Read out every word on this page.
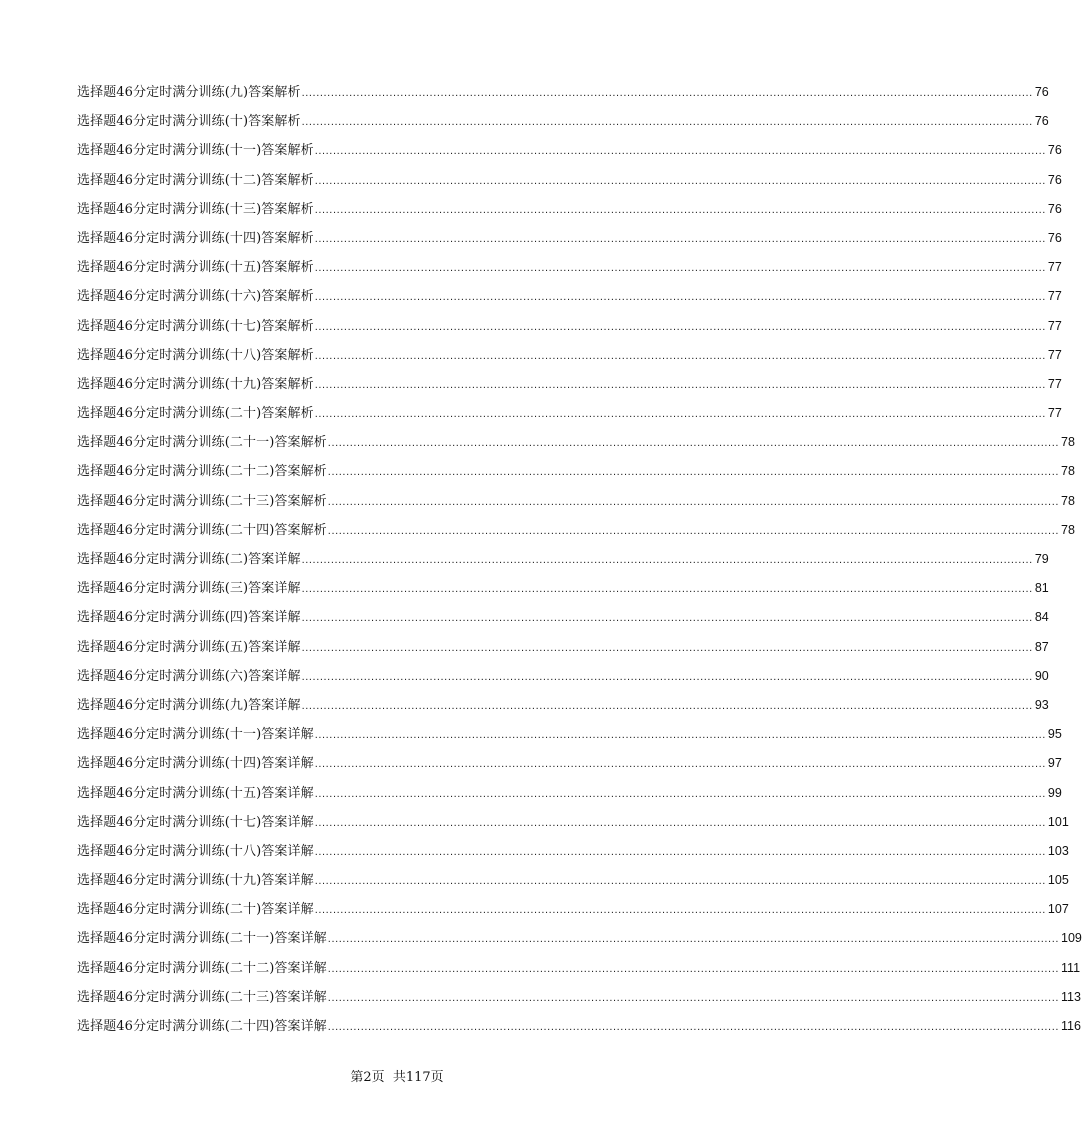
选择题46分定时满分训练(九)答案解析 ........................................................................................................................................................................................................ 76
选择题46分定时满分训练(十)答案解析 ........................................................................................................................................................................................................ 76
选择题46分定时满分训练(十一)答案解析 ........................................................................................................................................................................................................ 76
选择题46分定时满分训练(十二)答案解析 ........................................................................................................................................................................................................ 76
选择题46分定时满分训练(十三)答案解析 ........................................................................................................................................................................................................ 76
选择题46分定时满分训练(十四)答案解析 ........................................................................................................................................................................................................ 76
选择题46分定时满分训练(十五)答案解析 ........................................................................................................................................................................................................ 77
选择题46分定时满分训练(十六)答案解析 ........................................................................................................................................................................................................ 77
选择题46分定时满分训练(十七)答案解析 ........................................................................................................................................................................................................ 77
选择题46分定时满分训练(十八)答案解析 ........................................................................................................................................................................................................ 77
选择题46分定时满分训练(十九)答案解析 ........................................................................................................................................................................................................ 77
选择题46分定时满分训练(二十)答案解析 ........................................................................................................................................................................................................ 77
选择题46分定时满分训练(二十一)答案解析 ........................................................................................................................................................................................................ 78
选择题46分定时满分训练(二十二)答案解析 ........................................................................................................................................................................................................ 78
选择题46分定时满分训练(二十三)答案解析 ........................................................................................................................................................................................................ 78
选择题46分定时满分训练(二十四)答案解析 ........................................................................................................................................................................................................ 78
选择题46分定时满分训练(二)答案详解 ........................................................................................................................................................................................................ 79
选择题46分定时满分训练(三)答案详解 ........................................................................................................................................................................................................ 81
选择题46分定时满分训练(四)答案详解 ........................................................................................................................................................................................................ 84
选择题46分定时满分训练(五)答案详解 ........................................................................................................................................................................................................ 87
选择题46分定时满分训练(六)答案详解 ........................................................................................................................................................................................................ 90
选择题46分定时满分训练(九)答案详解 ........................................................................................................................................................................................................ 93
选择题46分定时满分训练(十一)答案详解 ........................................................................................................................................................................................................ 95
选择题46分定时满分训练(十四)答案详解 ........................................................................................................................................................................................................ 97
选择题46分定时满分训练(十五)答案详解 ........................................................................................................................................................................................................ 99
选择题46分定时满分训练(十七)答案详解 ........................................................................................................................................................................................................ 101
选择题46分定时满分训练(十八)答案详解 ........................................................................................................................................................................................................ 103
选择题46分定时满分训练(十九)答案详解 ........................................................................................................................................................................................................ 105
选择题46分定时满分训练(二十)答案详解 ........................................................................................................................................................................................................ 107
选择题46分定时满分训练(二十一)答案详解 ........................................................................................................................................................................................................ 109
选择题46分定时满分训练(二十二)答案详解 ........................................................................................................................................................................................................ 111
选择题46分定时满分训练(二十三)答案详解 ........................................................................................................................................................................................................ 113
选择题46分定时满分训练(二十四)答案详解 ........................................................................................................................................................................................................ 116
第2页  共117页
